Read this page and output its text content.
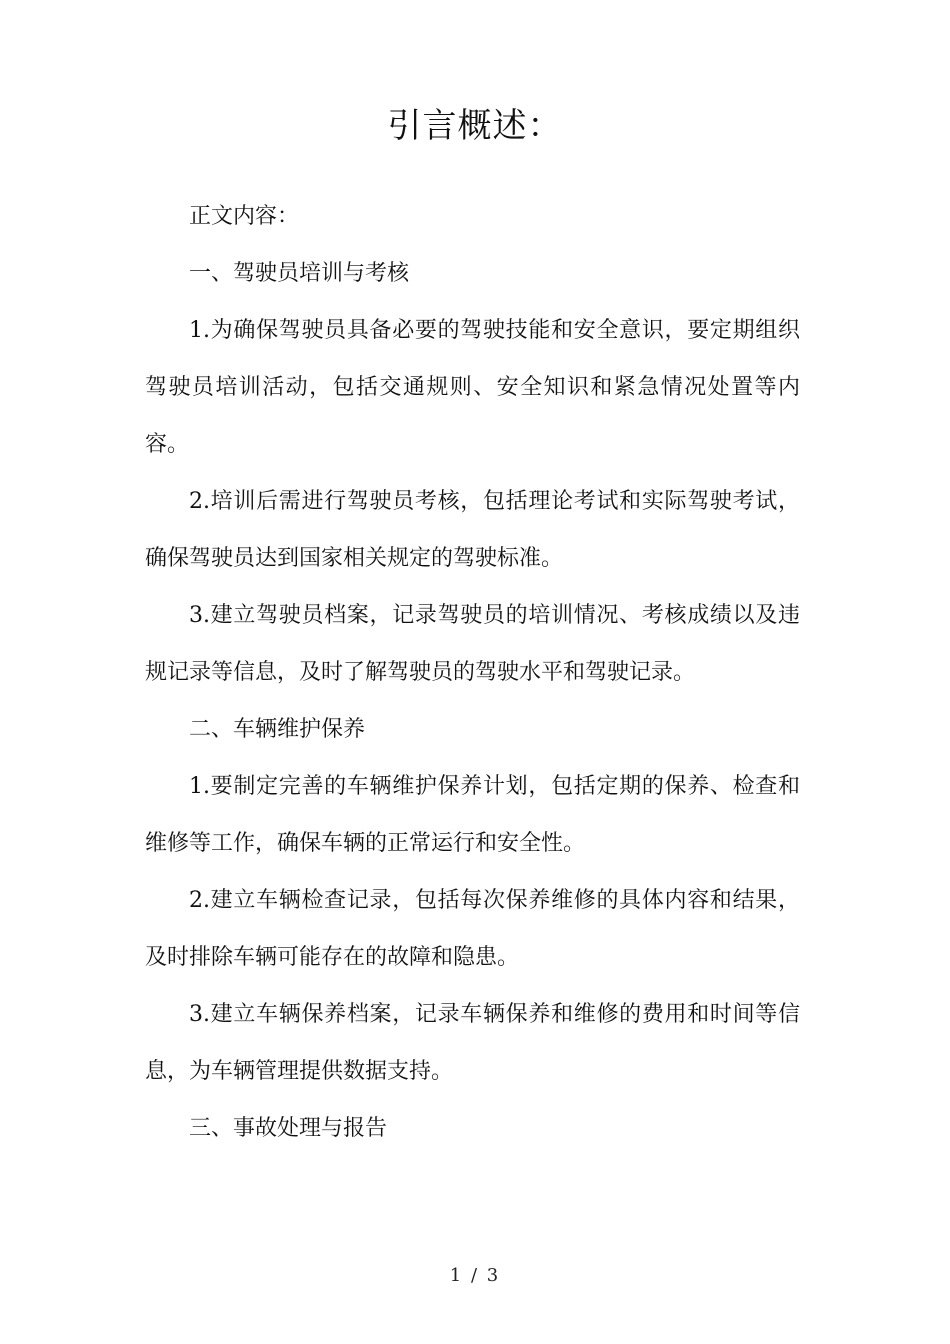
引言概述：

正文内容：

一、驾驶员培训与考核

1.为确保驾驶员具备必要的驾驶技能和安全意识，要定期组织驾驶员培训活动，包括交通规则、安全知识和紧急情况处置等内容。

2.培训后需进行驾驶员考核，包括理论考试和实际驾驶考试，确保驾驶员达到国家相关规定的驾驶标准。

3.建立驾驶员档案，记录驾驶员的培训情况、考核成绩以及违规记录等信息，及时了解驾驶员的驾驶水平和驾驶记录。

二、车辆维护保养

1.要制定完善的车辆维护保养计划，包括定期的保养、检查和维修等工作，确保车辆的正常运行和安全性。

2.建立车辆检查记录，包括每次保养维修的具体内容和结果，及时排除车辆可能存在的故障和隐患。

3.建立车辆保养档案，记录车辆保养和维修的费用和时间等信息，为车辆管理提供数据支持。

三、事故处理与报告

1 / 3
